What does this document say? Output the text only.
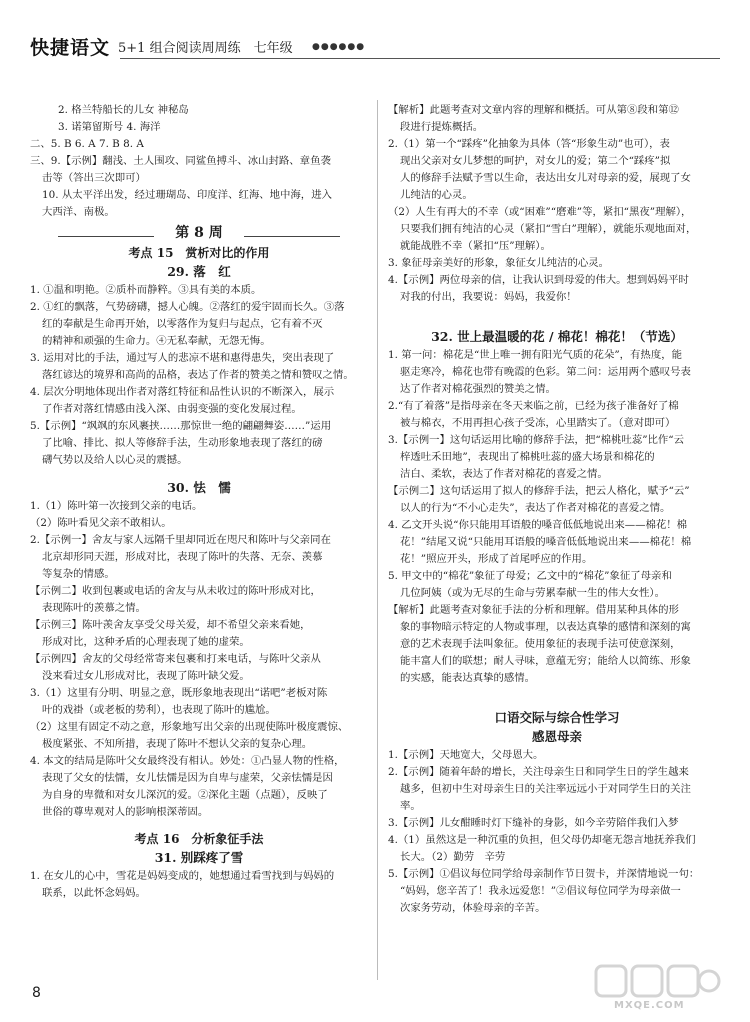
快捷语文 5+1 组合阅读周周练　七年级 ●●●●●●
2. 格兰特船长的儿女 神秘岛
3. 诺第留斯号 4. 海洋
二、5. B 6. A 7. B 8. A
三、9.【示例】翻浅、土人围攻、同鲨鱼搏斗、冰山封路、章鱼袭
击等（答出三次即可）
10. 从太平洋出发，经过珊瑚岛、印度洋、红海、地中海，进入
大西洋、南极。
第 8 周
考点 15　赏析对比的作用
29. 落　红
1. ①温和明艳。②质朴而静粹。③具有美的本质。
2. ①红的飘落，气势磅礴，撼人心魄。②落红的爱宇固而长久。③落
红的奉献是生命再开始，以零落作为复归与起点，它有着不灭
的精神和顽强的生命力。④无私奉献，无怨无悔。
3. 运用对比的手法，通过写人的悲凉不堪和惠得患失，突出表现了
落红谚达的境界和高尚的品格，表达了作者的赞美之情和赞叹之情。
4. 层次分明地体现出作者对落红特征和品性认识的不断深入，展示
了作者对落红情感由浅入深、由弱变强的变化发展过程。
5.【示例】“飒飒的东风裹挟……那惊世一绝的翩翩舞姿……”运用
了比喻、排比、拟人等修辞手法，生动形象地表现了落红的磅
礴气势以及给人以心灵的震撼。
30. 怯　懦
1.（1）陈叶第一次接到父亲的电话。
（2）陈叶看见父亲不敢相认。
2.【示例一】舍友与家人远隔千里却同近在咫尺和陈叶与父亲同在
北京却形同天涯，形成对比，表现了陈叶的失落、无奈、羡慕
等复杂的情感。
【示例二】收到包裹或电话的舍友与从未收过的陈叶形成对比，
表现陈叶的羡慕之情。
【示例三】陈叶羡舍友享受父母关爱，却不希望父亲来看她，
形成对比，这种矛盾的心理表现了她的虚荣。
【示例四】舍友的父母经常寄来包裹和打来电话，与陈叶父亲从
没来看过女儿形成对比，表现了陈叶缺父爱。
3.（1）这里有分明、明显之意，既形象地表现出“诺吧”老板对陈
叶的戏褂（或老板的势利），也表现了陈叶的尴尬。
（2）这里有固定不动之意，形象地写出父亲的出现使陈叶极度震惊、
极度紧张、不知所措，表现了陈叶不想认父亲的复杂心理。
4. 本文的结局是陈叶父女最终没有相认。妙处：①凸显人物的性格，
表现了父女的怯懦，女儿怯懦是因为自卑与虚荣，父亲怯懦是因
为自身的卑微和对女儿深沉的爱。②深化主题（点题），反映了
世俗的尊卑观对人的影响根深蒂固。
考点 16　分析象征手法
31. 别踩疼了雪
1. 在女儿的心中，雪花是妈妈变成的，她想通过看雪找到与妈妈的
联系，以此怀念妈妈。
【解析】此题考查对文章内容的理解和概括。可从第⑧段和第⑫
段进行提炼概括。
2.（1）第一个“踩疼”化抽象为具体（答“形象生动”也可），表
现出父亲对女儿梦想的呵护，对女儿的爱；第二个“踩疼”拟
人的修辞手法赋予雪以生命，表达出女儿对母亲的爱，展现了女
儿纯洁的心灵。
（2）人生有再大的不幸（或“困难”“磨难”等，紧扣“黑夜”理解），
只要我们拥有纯洁的心灵（紧扣“雪白”理解），就能乐观地面对，
就能战胜不幸（紧扣“压”理解）。
3. 象征母亲美好的形象，象征女儿纯洁的心灵。
4.【示例】两位母亲的信，让我认识到母爱的伟大。想到妈妈平时
对我的付出，我要说：妈妈，我爱你！
32. 世上最温暖的花 / 棉花！棉花！（节选）
1. 第一问：棉花是“世上唯一拥有阳光气质的花朵”，有热度，能
驱走寒冷，棉花也带有晚霞的色彩。第二问：运用两个感叹号表
达了作者对棉花强烈的赞美之情。
2.“有了着落”是指母亲在冬天来临之前，已经为孩子准备好了棉
被与棉衣，不用再担心孩子受冻，心里踏实了。（意对即可）
3.【示例一】这句话运用比喻的修辞手法，把“棉桃吐蕊”比作“云
梓透吐禾田地”，表现出了棉桃吐蕊的盛大场景和棉花的
洁白、柔软，表达了作者对棉花的喜爱之情。
【示例二】这句话运用了拟人的修辞手法，把云人格化，赋予“云”
以人的行为“不小心走失”，表达了作者对棉花的喜爱之情。
4. 乙文开头说“你只能用耳语般的嗓音低低地说出来——棉花！棉
花！”结尾又说“只能用耳语般的嗓音低低地说出来——棉花！棉
花！”照应开头，形成了首尾呼应的作用。
5. 甲文中的“棉花”象征了母爱；乙文中的“棉花”象征了母亲和
几位阿姨（或为无尽的生命与劳累奉献一生的伟大女性）。
【解析】此题考查对象征手法的分析和理解。借用某种具体的形
象的事物暗示特定的人物或事理，以表达真挚的感情和深刻的寓
意的艺术表现手法叫象征。使用象征的表现手法可使意深刻，
能丰富人们的联想；耐人寻味，意蕴无穷；能给人以简练、形象
的实感，能表达真挚的感情。
口语交际与综合性学习
感恩母亲
1.【示例】天地宽大，父母恩大。
2.【示例】随着年龄的增长，关注母亲生日和同学生日的学生越来
越多，但初中生对母亲生日的关注率远远小于对同学生日的关注
率。
3.【示例】儿女酣睡时灯下缝补的身影，如今辛劳陪伴我们入梦
4.（1）虽然这是一种沉重的负担，但父母仍却毫无怨言地抚养我们
长大。（2）勤劳　辛劳
5.【示例】①倡议每位同学给母亲制作节日贺卡，并深情地说一句：
“妈妈，您辛苦了！我永远爱您！”②倡议每位同学为母亲做一
次家务劳动，体验母亲的辛苦。
8
MXQE.COM
